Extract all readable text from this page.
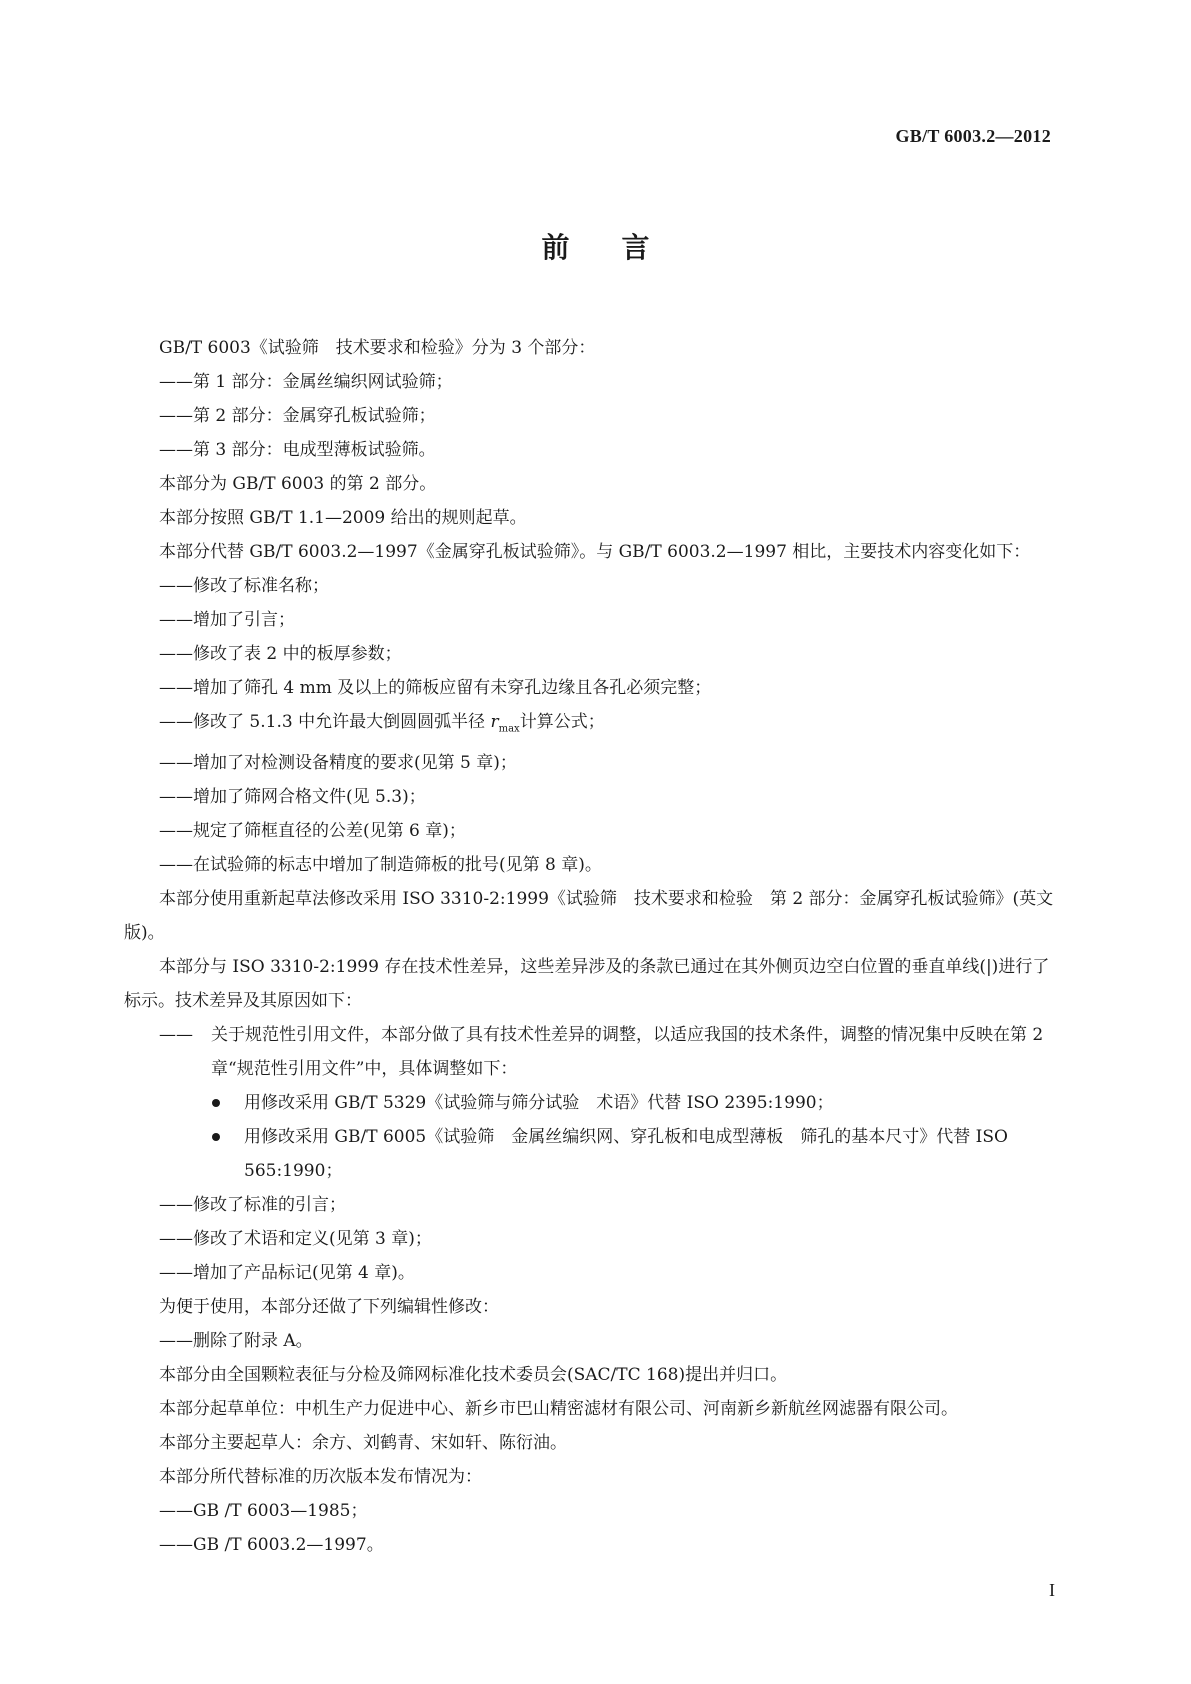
GB/T 6003.2—2012
前 言

GB/T 6003《试验筛　技术要求和检验》分为 3 个部分：

——第 1 部分：金属丝编织网试验筛；

——第 2 部分：金属穿孔板试验筛；

——第 3 部分：电成型薄板试验筛。

本部分为 GB/T 6003 的第 2 部分。

本部分按照 GB/T 1.1—2009 给出的规则起草。

本部分代替 GB/T 6003.2—1997《金属穿孔板试验筛》。与 GB/T 6003.2—1997 相比，主要技术内容变化如下：

——修改了标准名称；

——增加了引言；

——修改了表 2 中的板厚参数；

——增加了筛孔 4 mm 及以上的筛板应留有未穿孔边缘且各孔必须完整；

——修改了 5.1.3 中允许最大倒圆圆弧半径 $r_{max}$计算公式；

——增加了对检测设备精度的要求(见第 5 章)；

——增加了筛网合格文件(见 5.3)；

——规定了筛框直径的公差(见第 6 章)；

——在试验筛的标志中增加了制造筛板的批号(见第 8 章)。

本部分使用重新起草法修改采用 ISO 3310-2:1999《试验筛　技术要求和检验　第 2 部分：金属穿孔板试验筛》(英文版)。

本部分与 ISO 3310-2:1999 存在技术性差异，这些差异涉及的条款已通过在其外侧页边空白位置的垂直单线(|)进行了标示。技术差异及其原因如下：

—— 关于规范性引用文件，本部分做了具有技术性差异的调整，以适应我国的技术条件，调整的情况集中反映在第 2 章“规范性引用文件”中，具体调整如下：

用修改采用 GB/T 5329《试验筛与筛分试验　术语》代替 ISO 2395:1990；

用修改采用 GB/T 6005《试验筛　金属丝编织网、穿孔板和电成型薄板　筛孔的基本尺寸》代替 ISO 565:1990；

——修改了标准的引言；

——修改了术语和定义(见第 3 章)；

——增加了产品标记(见第 4 章)。

为便于使用，本部分还做了下列编辑性修改：

——删除了附录 A。

本部分由全国颗粒表征与分检及筛网标准化技术委员会(SAC/TC 168)提出并归口。

本部分起草单位：中机生产力促进中心、新乡市巴山精密滤材有限公司、河南新乡新航丝网滤器有限公司。

本部分主要起草人：余方、刘鹤青、宋如轩、陈衍油。

本部分所代替标准的历次版本发布情况为：

——GB /T 6003—1985；

——GB /T 6003.2—1997。

I
